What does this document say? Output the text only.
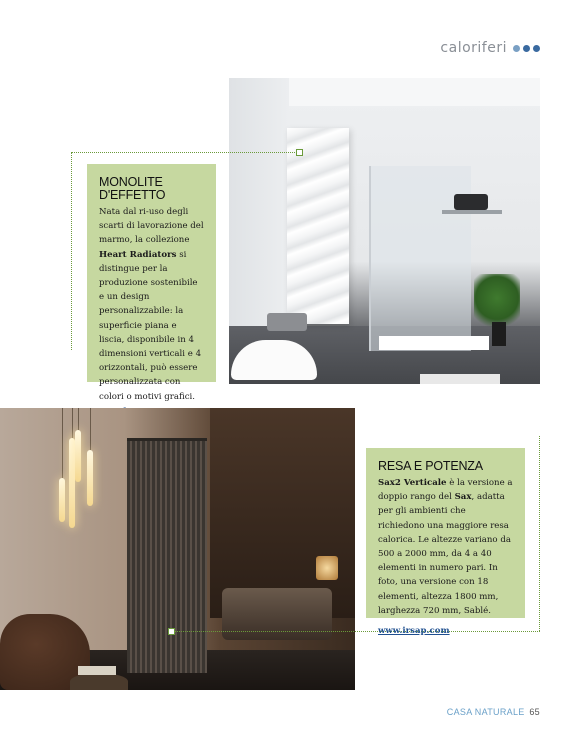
caloriferi
MONOLITE
D'EFFETTO

Nata dal ri-uso degli scarti di lavorazione del marmo, la collezione Heart Radiators si distingue per la produzione sostenibile e un design personalizzabile: la superficie piana e liscia, disponibile in 4 dimensioni verticali e 4 orizzontali, può essere personalizzata con colori o motivi grafici.

RESA E POTENZA

Sax2 Verticale è la versione a doppio rango del Sax, adatta per gli ambienti che richiedono una maggiore resa calorica. Le altezze variano da 500 a 2000 mm, da 4 a 40 elementi in numero pari. In foto, una versione con 18 elementi, altezza 1800 mm, larghezza 720 mm, Sablé.

www.irsap.com
CASA NATURALE 65
